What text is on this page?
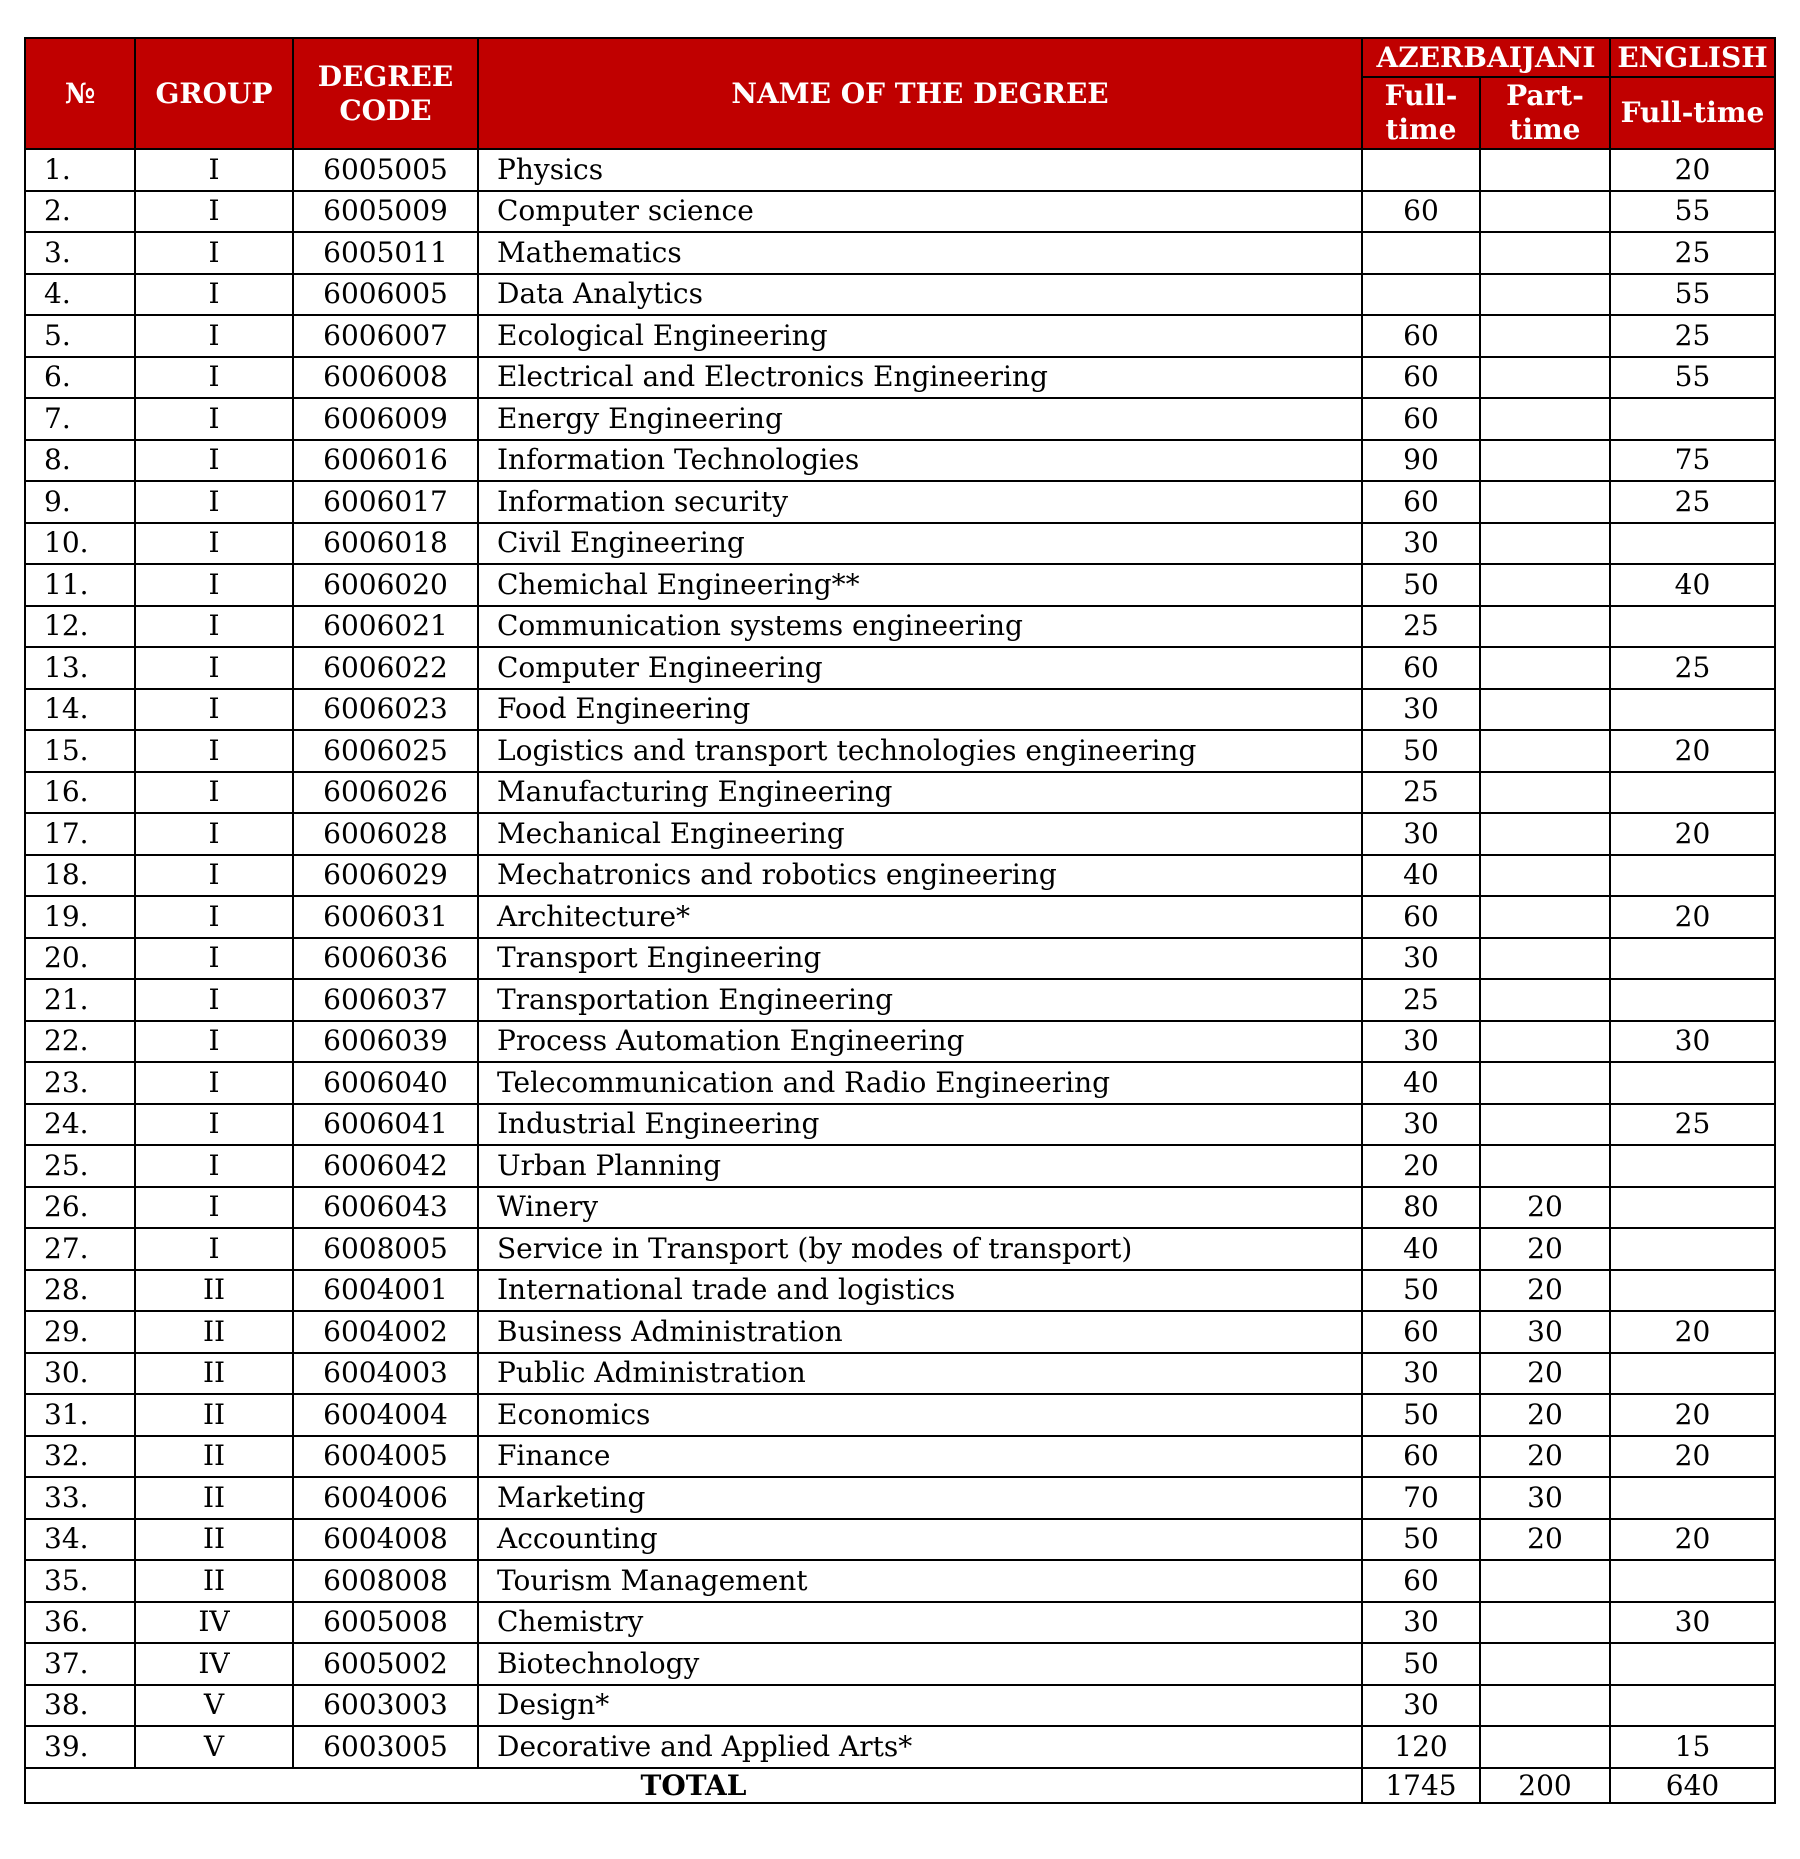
№	GROUP	DEGREE CODE	NAME OF THE DEGREE	AZERBAIJANI		ENGLISH
				Full-time	Part-time	Full-time
1.	I	6005005	Physics			20
2.	I	6005009	Computer science	60		55
3.	I	6005011	Mathematics			25
4.	I	6006005	Data Analytics			55
5.	I	6006007	Ecological Engineering	60		25
6.	I	6006008	Electrical and Electronics Engineering	60		55
7.	I	6006009	Energy Engineering	60		
8.	I	6006016	Information Technologies	90		75
9.	I	6006017	Information security	60		25
10.	I	6006018	Civil Engineering	30		
11.	I	6006020	Chemichal Engineering**	50		40
12.	I	6006021	Communication systems engineering	25		
13.	I	6006022	Computer Engineering	60		25
14.	I	6006023	Food Engineering	30		
15.	I	6006025	Logistics and transport technologies engineering	50		20
16.	I	6006026	Manufacturing Engineering	25		
17.	I	6006028	Mechanical Engineering	30		20
18.	I	6006029	Mechatronics and robotics engineering	40		
19.	I	6006031	Architecture*	60		20
20.	I	6006036	Transport Engineering	30		
21.	I	6006037	Transportation Engineering	25		
22.	I	6006039	Process Automation Engineering	30		30
23.	I	6006040	Telecommunication and Radio Engineering	40		
24.	I	6006041	Industrial Engineering	30		25
25.	I	6006042	Urban Planning	20		
26.	I	6006043	Winery	80	20	
27.	I	6008005	Service in Transport (by modes of transport)	40	20	
28.	II	6004001	International trade and logistics	50	20	
29.	II	6004002	Business Administration	60	30	20
30.	II	6004003	Public Administration	30	20	
31.	II	6004004	Economics	50	20	20
32.	II	6004005	Finance	60	20	20
33.	II	6004006	Marketing	70	30	
34.	II	6004008	Accounting	50	20	20
35.	II	6008008	Tourism Management	60		
36.	IV	6005008	Chemistry	30		30
37.	IV	6005002	Biotechnology	50		
38.	V	6003003	Design*	30		
39.	V	6003005	Decorative and Applied Arts*	120		15
TOTAL				1745	200	640
